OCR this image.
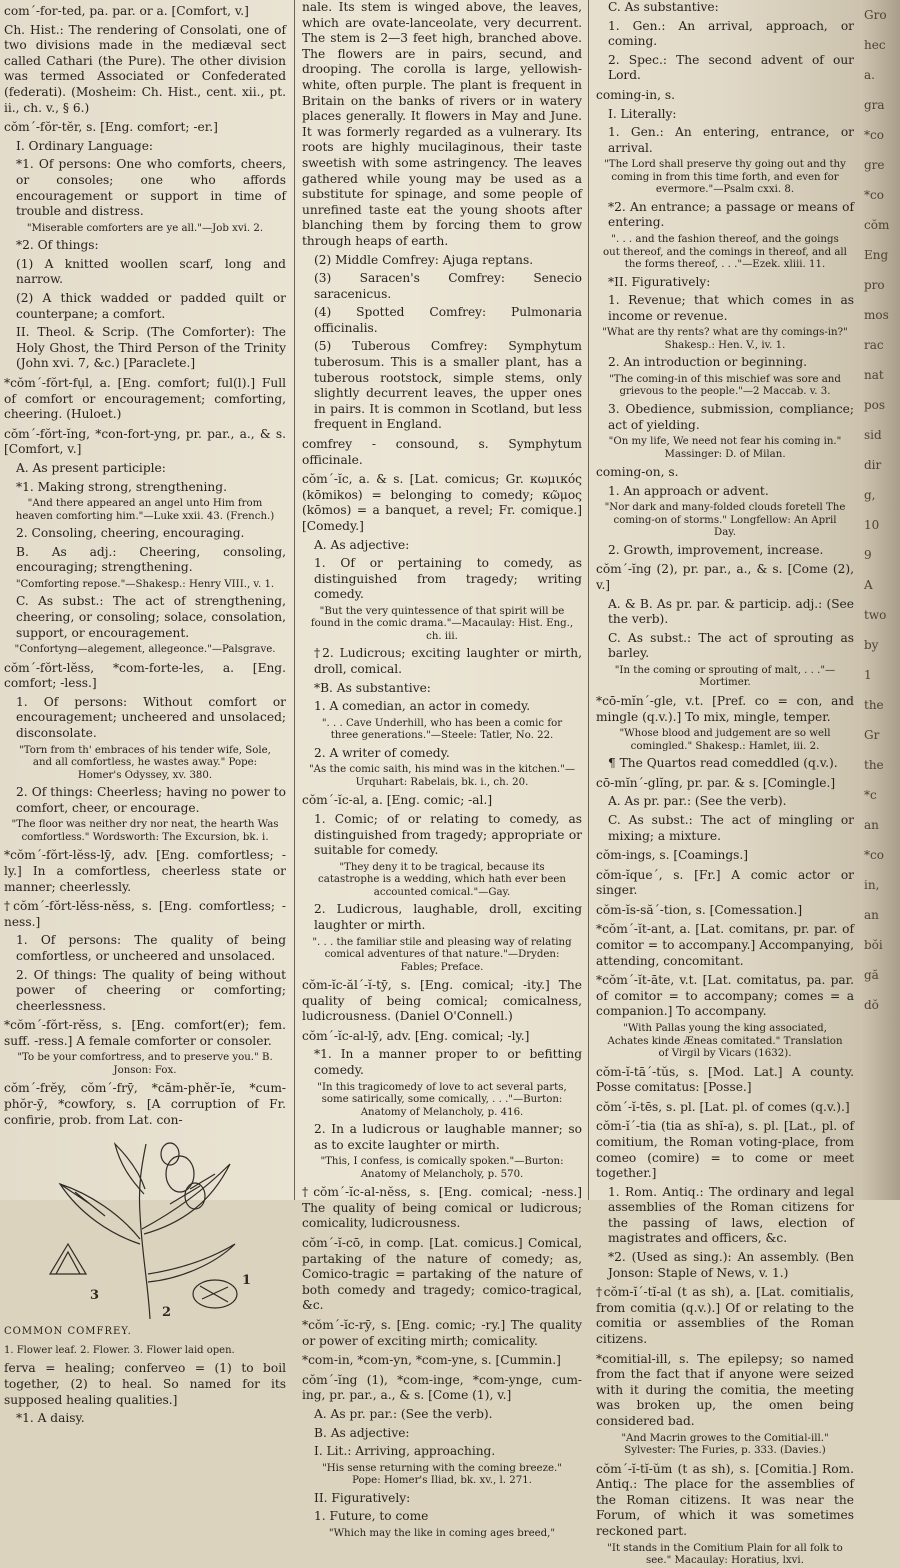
com´-for-ted, pa. par. or a. [Comfort, v.]

Ch. Hist.: The rendering of Consolati, one of two divisions made in the mediæval sect called Cathari (the Pure). The other division was termed Associated or Confederated (federati). (Mosheim: Ch. Hist., cent. xii., pt. ii., ch. v., § 6.)

cŏm´-fŏr-tĕr, s. [Eng. comfort; -er.]

I. Ordinary Language:

*1. Of persons: One who comforts, cheers, or consoles; one who affords encouragement or support in time of trouble and distress.

"Miserable comforters are ye all."—Job xvi. 2.

*2. Of things:

(1) A knitted woollen scarf, long and narrow.

(2) A thick wadded or padded quilt or counterpane; a comfort.

II. Theol. & Scrip. (The Comforter): The Holy Ghost, the Third Person of the Trinity (John xvi. 7, &c.) [Paraclete.]

*cŏm´-fŏrt-fụl, a. [Eng. comfort; ful(l).] Full of comfort or encouragement; comforting, cheering. (Huloet.)

cŏm´-fŏrt-ĭng, *con-fort-yng, pr. par., a., & s. [Comfort, v.]

A. As present participle:

*1. Making strong, strengthening.

"And there appeared an angel unto Him from heaven comforting him."—Luke xxii. 43. (French.)

2. Consoling, cheering, encouraging.

B. As adj.: Cheering, consoling, encouraging; strengthening.

"Comforting repose."—Shakesp.: Henry VIII., v. 1.

C. As subst.: The act of strengthening, cheering, or consoling; solace, consolation, support, or encouragement.

"Confortyng—alegement, allegeonce."—Palsgrave.

cŏm´-fŏrt-lĕss, *com-forte-les, a. [Eng. comfort; -less.]

1. Of persons: Without comfort or encouragement; uncheered and unsolaced; disconsolate.

"Torn from th' embraces of his tender wife, Sole, and all comfortless, he wastes away." Pope: Homer's Odyssey, xv. 380.

2. Of things: Cheerless; having no power to comfort, cheer, or encourage.

"The floor was neither dry nor neat, the hearth Was comfortless." Wordsworth: The Excursion, bk. i.

*cŏm´-fŏrt-lĕss-lȳ, adv. [Eng. comfortless; -ly.] In a comfortless, cheerless state or manner; cheerlessly.

†cŏm´-fŏrt-lĕss-nĕss, s. [Eng. comfortless; -ness.]

1. Of persons: The quality of being comfortless, or uncheered and unsolaced.

2. Of things: The quality of being without power of cheering or comforting; cheerlessness.

*cŏm´-fŏrt-rĕss, s. [Eng. comfort(er); fem. suff. -ress.] A female comforter or consoler.

"To be your comfortress, and to preserve you." B. Jonson: Fox.

cŏm´-frĕy, cŏm´-frȳ, *căm-phĕr-ĭe, *cum-phŏr-ȳ, *cowfory, s. [A corruption of Fr. confirie, prob. from Lat. con-

3
2
1

COMMON COMFREY.

1. Flower leaf. 2. Flower. 3. Flower laid open.

ferva = healing; conferveo = (1) to boil together, (2) to heal. So named for its supposed healing qualities.]

*1. A daisy.

nale. Its stem is winged above, the leaves, which are ovate-lanceolate, very decurrent. The stem is 2—3 feet high, branched above. The flowers are in pairs, secund, and drooping. The corolla is large, yellowish-white, often purple. The plant is frequent in Britain on the banks of rivers or in watery places generally. It flowers in May and June. It was formerly regarded as a vulnerary. Its roots are highly mucilaginous, their taste sweetish with some astringency. The leaves gathered while young may be used as a substitute for spinage, and some people of unrefined taste eat the young shoots after blanching them by forcing them to grow through heaps of earth.

(2) Middle Comfrey: Ajuga reptans.

(3) Saracen's Comfrey: Senecio saracenicus.

(4) Spotted Comfrey: Pulmonaria officinalis.

(5) Tuberous Comfrey: Symphytum tuberosum. This is a smaller plant, has a tuberous rootstock, simple stems, only slightly decurrent leaves, the upper ones in pairs. It is common in Scotland, but less frequent in England.

comfrey - consound, s. Symphytum officinale.

cŏm´-ĭc, a. & s. [Lat. comicus; Gr. κωμικός (kōmikos) = belonging to comedy; κῶμος (kōmos) = a banquet, a revel; Fr. comique.] [Comedy.]

A. As adjective:

1. Of or pertaining to comedy, as distinguished from tragedy; writing comedy.

"But the very quintessence of that spirit will be found in the comic drama."—Macaulay: Hist. Eng., ch. iii.

†2. Ludicrous; exciting laughter or mirth, droll, comical.

*B. As substantive:

1. A comedian, an actor in comedy.

". . . Cave Underhill, who has been a comic for three generations."—Steele: Tatler, No. 22.

2. A writer of comedy.

"As the comic saith, his mind was in the kitchen."—Urquhart: Rabelais, bk. i., ch. 20.

cŏm´-ĭc-al, a. [Eng. comic; -al.]

1. Comic; of or relating to comedy, as distinguished from tragedy; appropriate or suitable for comedy.

"They deny it to be tragical, because its catastrophe is a wedding, which hath ever been accounted comical."—Gay.

2. Ludicrous, laughable, droll, exciting laughter or mirth.

". . . the familiar stile and pleasing way of relating comical adventures of that nature."—Dryden: Fables; Preface.

cŏm-ĭc-ăl´-ĭ-tȳ, s. [Eng. comical; -ity.] The quality of being comical; comicalness, ludicrousness. (Daniel O'Connell.)

cŏm´-ĭc-al-lȳ, adv. [Eng. comical; -ly.]

*1. In a manner proper to or befitting comedy.

"In this tragicomedy of love to act several parts, some satirically, some comically, . . ."—Burton: Anatomy of Melancholy, p. 416.

2. In a ludicrous or laughable manner; so as to excite laughter or mirth.

"This, I confess, is comically spoken."—Burton: Anatomy of Melancholy, p. 570.

†cŏm´-ĭc-al-nĕss, s. [Eng. comical; -ness.] The quality of being comical or ludicrous; comicality, ludicrousness.

cŏm´-ĭ-cō, in comp. [Lat. comicus.] Comical, partaking of the nature of comedy; as, Comico-tragic = partaking of the nature of both comedy and tragedy; comico-tragical, &c.

*cŏm´-ĭc-rȳ, s. [Eng. comic; -ry.] The quality or power of exciting mirth; comicality.

*com-in, *com-yn, *com-yne, s. [Cummin.]

cŏm´-ĭng (1), *com-inge, *com-ynge, cum-ing, pr. par., a., & s. [Come (1), v.]

A. As pr. par.: (See the verb).

B. As adjective:

I. Lit.: Arriving, approaching.

"His sense returning with the coming breeze." Pope: Homer's Iliad, bk. xv., l. 271.

II. Figuratively:

1. Future, to come

"Which may the like in coming ages breed,"

C. As substantive:

1. Gen.: An arrival, approach, or coming.

2. Spec.: The second advent of our Lord.

coming-in, s.

I. Literally:

1. Gen.: An entering, entrance, or arrival.

"The Lord shall preserve thy going out and thy coming in from this time forth, and even for evermore."—Psalm cxxi. 8.

*2. An entrance; a passage or means of entering.

". . . and the fashion thereof, and the goings out thereof, and the comings in thereof, and all the forms thereof, . . ."—Ezek. xliii. 11.

*II. Figuratively:

1. Revenue; that which comes in as income or revenue.

"What are thy rents? what are thy comings-in?" Shakesp.: Hen. V., iv. 1.

2. An introduction or beginning.

"The coming-in of this mischief was sore and grievous to the people."—2 Maccab. v. 3.

3. Obedience, submission, compliance; act of yielding.

"On my life, We need not fear his coming in." Massinger: D. of Milan.

coming-on, s.

1. An approach or advent.

"Nor dark and many-folded clouds foretell The coming-on of storms." Longfellow: An April Day.

2. Growth, improvement, increase.

cŏm´-ĭng (2), pr. par., a., & s. [Come (2), v.]

A. & B. As pr. par. & particip. adj.: (See the verb).

C. As subst.: The act of sprouting as barley.

"In the coming or sprouting of malt, . . ."—Mortimer.

*cō-mĭn´-gle, v.t. [Pref. co = con, and mingle (q.v.).] To mix, mingle, temper.

"Whose blood and judgement are so well comingled." Shakesp.: Hamlet, iii. 2.

¶ The Quartos read comeddled (q.v.).

cō-mĭn´-glĭng, pr. par. & s. [Comingle.]

A. As pr. par.: (See the verb).

C. As subst.: The act of mingling or mixing; a mixture.

cŏm-ings, s. [Coamings.]

cŏm-ĭque´, s. [Fr.] A comic actor or singer.

cŏm-ĭs-să´-tion, s. [Comessation.]

*cŏm´-ĭt-ant, a. [Lat. comitans, pr. par. of comitor = to accompany.] Accompanying, attending, concomitant.

*cŏm´-ĭt-āte, v.t. [Lat. comitatus, pa. par. of comitor = to accompany; comes = a companion.] To accompany.

"With Pallas young the king associated, Achates kinde Æneas comitated." Translation of Virgil by Vicars (1632).

cŏm-ĭ-tā´-tŭs, s. [Mod. Lat.] A county. Posse comitatus: [Posse.]

cŏm´-ĭ-tēs, s. pl. [Lat. pl. of comes (q.v.).]

cŏm-ĭ´-tia (tia as shĭ-a), s. pl. [Lat., pl. of comitium, the Roman voting-place, from comeo (comire) = to come or meet together.]

1. Rom. Antiq.: The ordinary and legal assemblies of the Roman citizens for the passing of laws, election of magistrates and officers, &c.

*2. (Used as sing.): An assembly. (Ben Jonson: Staple of News, v. 1.)

†cŏm-ĭ´-tĭ-al (t as sh), a. [Lat. comitialis, from comitia (q.v.).] Of or relating to the comitia or assemblies of the Roman citizens.

*comitial-ill, s. The epilepsy; so named from the fact that if anyone were seized with it during the comitia, the meeting was broken up, the omen being considered bad.

"And Macrin growes to the Comitial-ill." Sylvester: The Furies, p. 333. (Davies.)

cŏm´-ĭ-tĭ-ŭm (t as sh), s. [Comitia.] Rom. Antiq.: The place for the assemblies of the Roman citizens. It was near the Forum, of which it was sometimes reckoned part.

"It stands in the Comitium Plain for all folk to see." Macaulay: Horatius, lxvi.

Gro
hec
a.
gra
*co
gre
*co
cŏm
Eng
pro
mos
rac
nat
pos
sid
dir
g,
10
9
A
two
by
1
the
Gr
the
*c
an
*co
in,
an
bŏi
gă
dŏ
